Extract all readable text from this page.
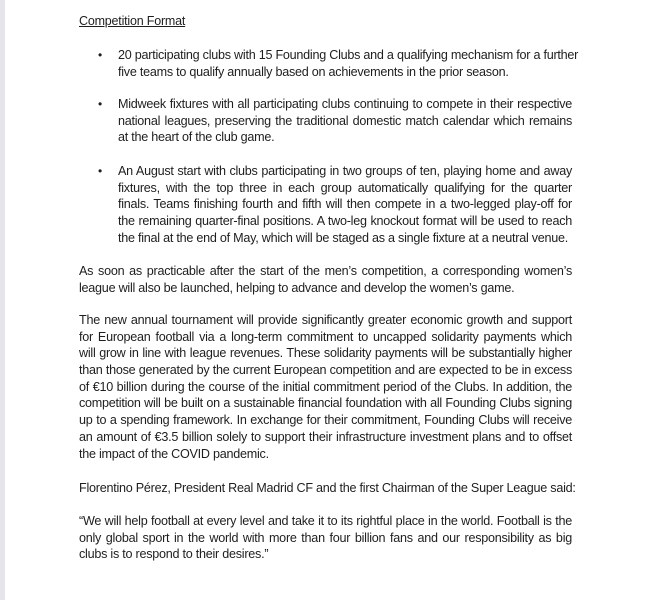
Competition Format
• 20 participating clubs with 15 Founding Clubs and a qualifying mechanism for a further
five teams to qualify annually based on achievements in the prior season.
• Midweek fixtures with all participating clubs continuing to compete in their respective
national leagues, preserving the traditional domestic match calendar which remains
at the heart of the club game.
• An August start with clubs participating in two groups of ten, playing home and away
fixtures, with the top three in each group automatically qualifying for the quarter
finals. Teams finishing fourth and fifth will then compete in a two-legged play-off for
the remaining quarter-final positions. A two-leg knockout format will be used to reach
the final at the end of May, which will be staged as a single fixture at a neutral venue.
As soon as practicable after the start of the men’s competition, a corresponding women’s
league will also be launched, helping to advance and develop the women’s game.
The new annual tournament will provide significantly greater economic growth and support
for European football via a long-term commitment to uncapped solidarity payments which
will grow in line with league revenues. These solidarity payments will be substantially higher
than those generated by the current European competition and are expected to be in excess
of €10 billion during the course of the initial commitment period of the Clubs. In addition, the
competition will be built on a sustainable financial foundation with all Founding Clubs signing
up to a spending framework. In exchange for their commitment, Founding Clubs will receive
an amount of €3.5 billion solely to support their infrastructure investment plans and to offset
the impact of the COVID pandemic.
Florentino Pérez, President Real Madrid CF and the first Chairman of the Super League said:
“We will help football at every level and take it to its rightful place in the world. Football is the
only global sport in the world with more than four billion fans and our responsibility as big
clubs is to respond to their desires.”
